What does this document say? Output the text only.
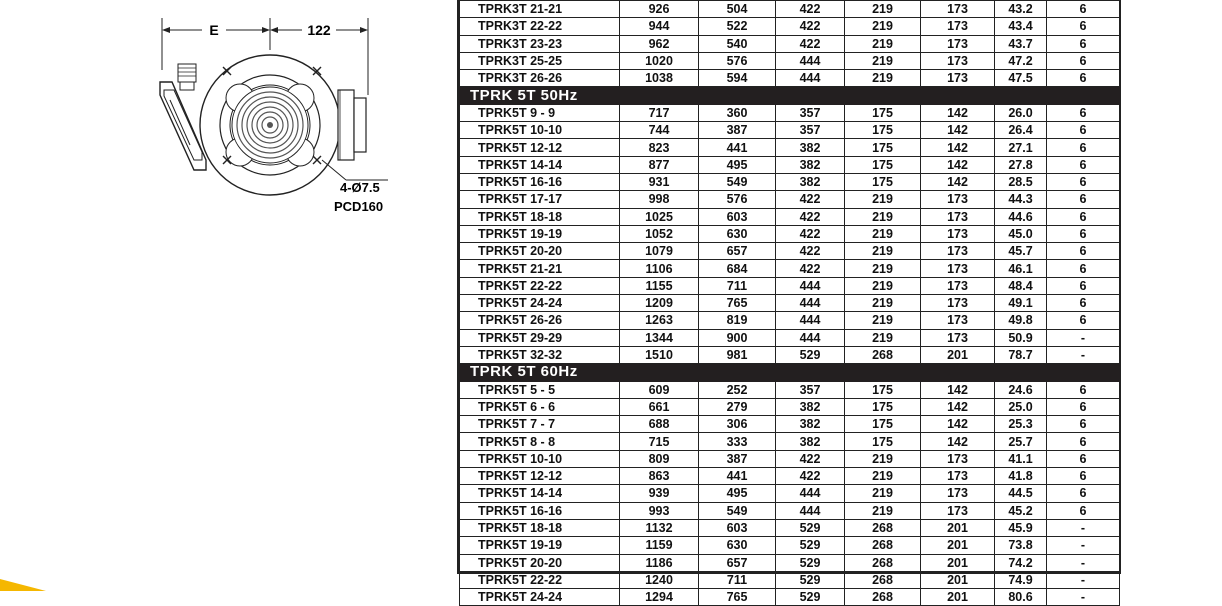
E	122
4-Ø7.5
PCD160
TPRK3T 21-21	926	504	422	219	173	43.2	6
TPRK3T 22-22	944	522	422	219	173	43.4	6
TPRK3T 23-23	962	540	422	219	173	43.7	6
TPRK3T 25-25	1020	576	444	219	173	47.2	6
TPRK3T 26-26	1038	594	444	219	173	47.5	6
TPRK 5T 50Hz							
TPRK5T 9 - 9	717	360	357	175	142	26.0	6
TPRK5T 10-10	744	387	357	175	142	26.4	6
TPRK5T 12-12	823	441	382	175	142	27.1	6
TPRK5T 14-14	877	495	382	175	142	27.8	6
TPRK5T 16-16	931	549	382	175	142	28.5	6
TPRK5T 17-17	998	576	422	219	173	44.3	6
TPRK5T 18-18	1025	603	422	219	173	44.6	6
TPRK5T 19-19	1052	630	422	219	173	45.0	6
TPRK5T 20-20	1079	657	422	219	173	45.7	6
TPRK5T 21-21	1106	684	422	219	173	46.1	6
TPRK5T 22-22	1155	711	444	219	173	48.4	6
TPRK5T 24-24	1209	765	444	219	173	49.1	6
TPRK5T 26-26	1263	819	444	219	173	49.8	6
TPRK5T 29-29	1344	900	444	219	173	50.9	-
TPRK5T 32-32	1510	981	529	268	201	78.7	-
TPRK 5T 60Hz							
TPRK5T 5 - 5	609	252	357	175	142	24.6	6
TPRK5T 6 - 6	661	279	382	175	142	25.0	6
TPRK5T 7 - 7	688	306	382	175	142	25.3	6
TPRK5T 8 - 8	715	333	382	175	142	25.7	6
TPRK5T 10-10	809	387	422	219	173	41.1	6
TPRK5T 12-12	863	441	422	219	173	41.8	6
TPRK5T 14-14	939	495	444	219	173	44.5	6
TPRK5T 16-16	993	549	444	219	173	45.2	6
TPRK5T 18-18	1132	603	529	268	201	45.9	-
TPRK5T 19-19	1159	630	529	268	201	73.8	-
TPRK5T 20-20	1186	657	529	268	201	74.2	-
TPRK5T 22-22	1240	711	529	268	201	74.9	-
TPRK5T 24-24	1294	765	529	268	201	80.6	-
